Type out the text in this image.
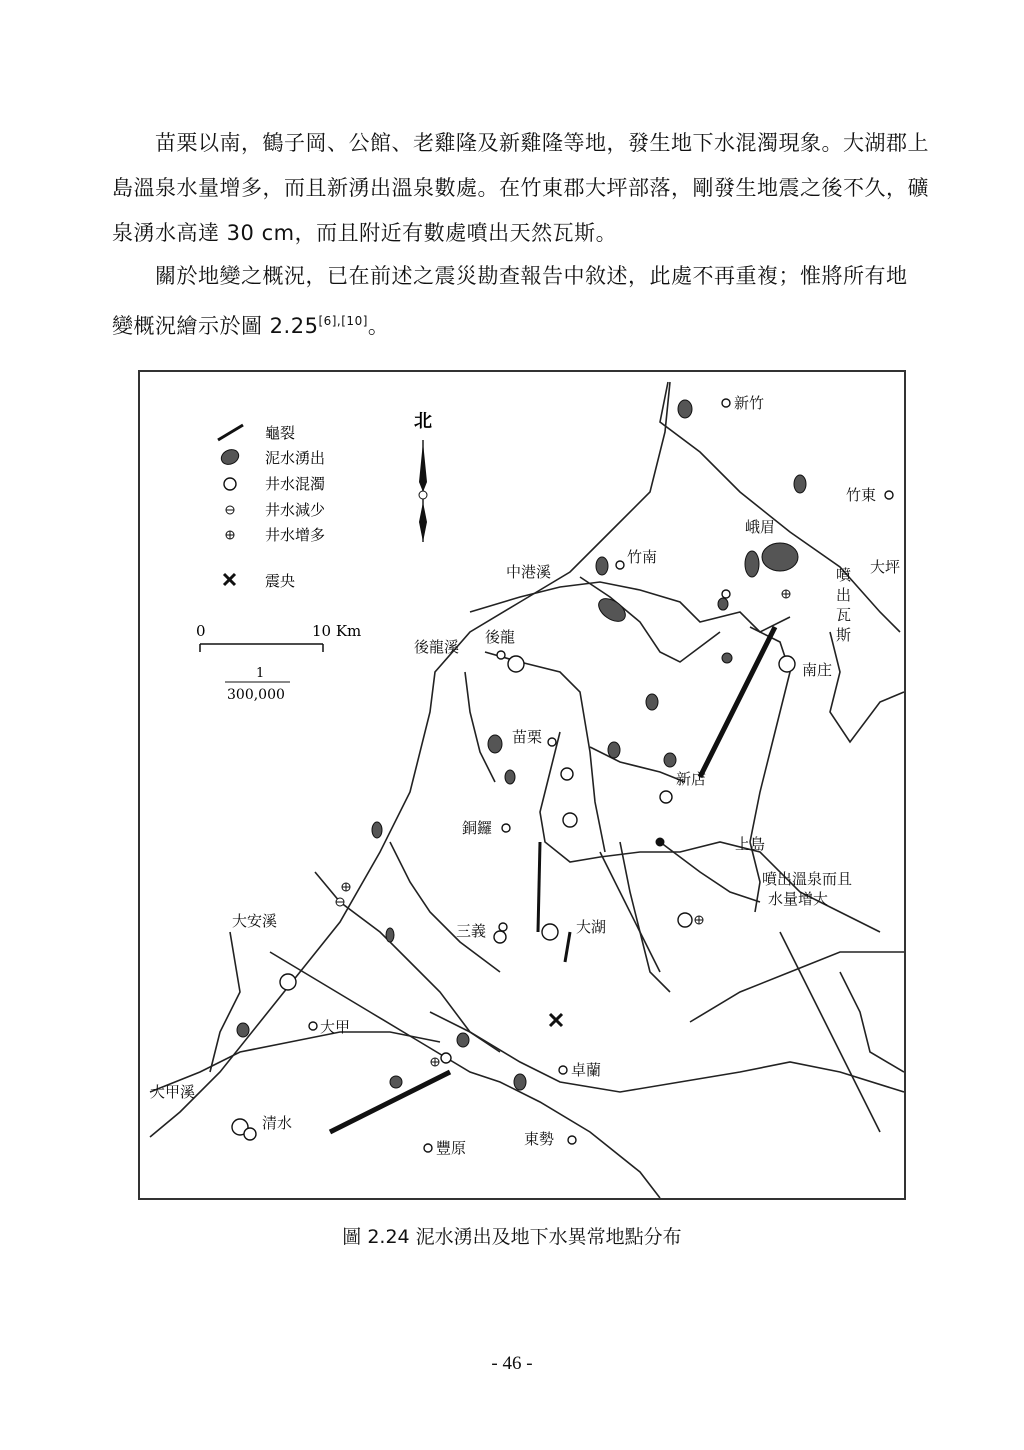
苗栗以南，鶴子岡、公館、老雞隆及新雞隆等地，發生地下水混濁現象。大湖郡上
島溫泉水量增多，而且新湧出溫泉數處。在竹東郡大坪部落，剛發生地震之後不久，礦
泉湧水高達 30 cm，而且附近有數處噴出天然瓦斯。
關於地變之概況，已在前述之震災勘查報告中敘述，此處不再重複；惟將所有地
變概況繪示於圖 2.25[6],[10]。
龜裂
泥水湧出
井水混濁
井水減少
井水增多
震央
北
0	10 Km
1
300,000
新竹
竹東
峨眉
大坪
噴
出
瓦
斯
中港溪
竹南
後龍溪
後龍
南庄
苗栗
新店
銅鑼
上島
噴出溫泉而且
水量增大
大安溪
三義	大湖
大甲
卓蘭
大甲溪
清水
豐原	東勢
圖 2.24 泥水湧出及地下水異常地點分布
- 46 -
